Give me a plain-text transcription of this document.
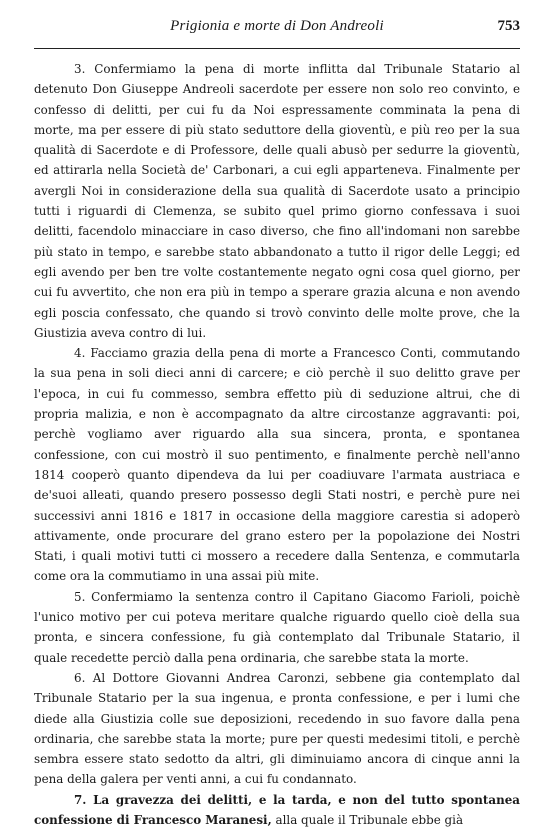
Prigionia e morte di Don Andreoli	753

3. Confermiamo la pena di morte inflitta dal Tribunale Statario al detenuto Don Giuseppe Andreoli sacerdote per essere non solo reo convinto, e confesso di delitti, per cui fu da Noi espressamente comminata la pena di morte, ma per essere di più stato seduttore della gioventù, e più reo per la sua qualità di Sacerdote e di Professore, delle quali abusò per sedurre la gioventù, ed attirarla nella Società de' Carbonari, a cui egli apparteneva. Finalmente per avergli Noi in considerazione della sua qualità di Sacerdote usato a principio tutti i riguardi di Clemenza, se subito quel primo giorno confessava i suoi delitti, facendolo minacciare in caso diverso, che fino all'indomani non sarebbe più stato in tempo, e sarebbe stato abbandonato a tutto il rigor delle Leggi; ed egli avendo per ben tre volte costantemente negato ogni cosa quel giorno, per cui fu avvertito, che non era più in tempo a sperare grazia alcuna e non avendo egli poscia confessato, che quando si trovò convinto delle molte prove, che la Giustizia aveva contro di lui.

4. Facciamo grazia della pena di morte a Francesco Conti, commutando la sua pena in soli dieci anni di carcere; e ciò perchè il suo delitto grave per l'epoca, in cui fu commesso, sembra effetto più di seduzione altrui, che di propria malizia, e non è accompagnato da altre circostanze aggravanti: poi, perchè vogliamo aver riguardo alla sua sincera, pronta, e spontanea confessione, con cui mostrò il suo pentimento, e finalmente perchè nell'anno 1814 cooperò quanto dipendeva da lui per coadiuvare l'armata austriaca e de'suoi alleati, quando presero possesso degli Stati nostri, e perchè pure nei successivi anni 1816 e 1817 in occasione della maggiore carestia si adoperò attivamente, onde procurare del grano estero per la popolazione dei Nostri Stati, i quali motivi tutti ci mossero a recedere dalla Sentenza, e commutarla come ora la commutiamo in una assai più mite.

5. Confermiamo la sentenza contro il Capitano Giacomo Farioli, poichè l'unico motivo per cui poteva meritare qualche riguardo quello cioè della sua pronta, e sincera confessione, fu già contemplato dal Tribunale Statario, il quale recedette perciò dalla pena ordinaria, che sarebbe stata la morte.

6. Al Dottore Giovanni Andrea Caronzi, sebbene gia contemplato dal Tribunale Statario per la sua ingenua, e pronta confessione, e per i lumi che diede alla Giustizia colle sue deposizioni, recedendo in suo favore dalla pena ordinaria, che sarebbe stata la morte; pure per questi medesimi titoli, e perchè sembra essere stato sedotto da altri, gli diminuiamo ancora di cinque anni la pena della galera per venti anni, a cui fu condannato.

7. La gravezza dei delitti, e la tarda, e non del tutto spontanea confessione di Francesco Maranesi, alla quale il Tribunale ebbe già
